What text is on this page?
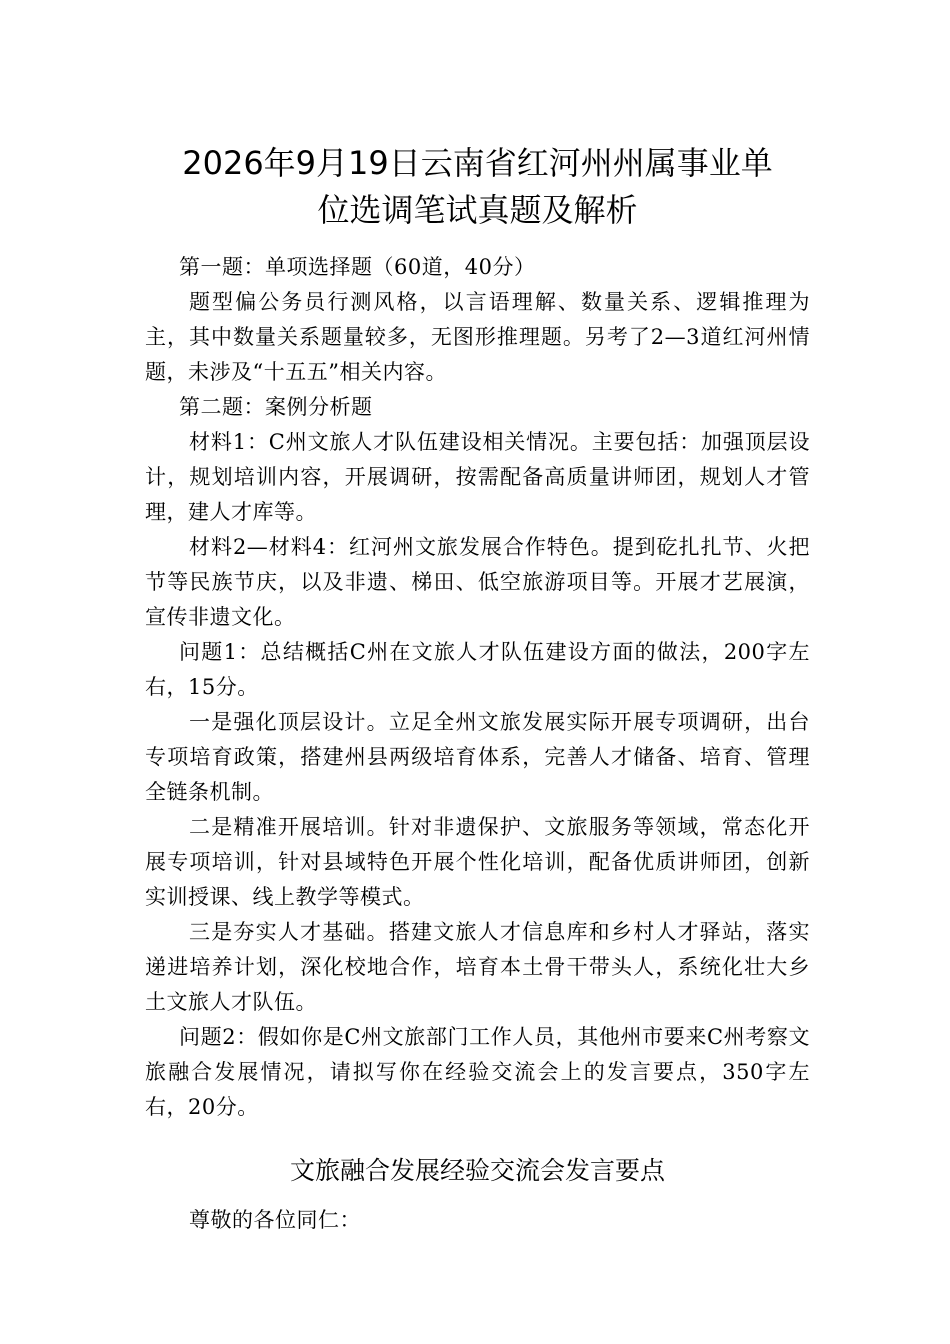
2026年9月19日云南省红河州州属事业单
位选调笔试真题及解析

第一题：单项选择题（60道，40分）

题型偏公务员行测风格，以言语理解、数量关系、逻辑推理为主，其中数量关系题量较多，无图形推理题。另考了2—3道红河州情题，未涉及“十五五”相关内容。

第二题：案例分析题

材料1：C州文旅人才队伍建设相关情况。主要包括：加强顶层设计，规划培训内容，开展调研，按需配备高质量讲师团，规划人才管理，建人才库等。

材料2—材料4：红河州文旅发展合作特色。提到矻扎扎节、火把节等民族节庆，以及非遗、梯田、低空旅游项目等。开展才艺展演，宣传非遗文化。

问题1：总结概括C州在文旅人才队伍建设方面的做法，200字左右，15分。

一是强化顶层设计。立足全州文旅发展实际开展专项调研，出台专项培育政策，搭建州县两级培育体系，完善人才储备、培育、管理全链条机制。

二是精准开展培训。针对非遗保护、文旅服务等领域，常态化开展专项培训，针对县域特色开展个性化培训，配备优质讲师团，创新实训授课、线上教学等模式。

三是夯实人才基础。搭建文旅人才信息库和乡村人才驿站，落实递进培养计划，深化校地合作，培育本土骨干带头人，系统化壮大乡土文旅人才队伍。

问题2：假如你是C州文旅部门工作人员，其他州市要来C州考察文旅融合发展情况，请拟写你在经验交流会上的发言要点，350字左右，20分。

文旅融合发展经验交流会发言要点

尊敬的各位同仁：
